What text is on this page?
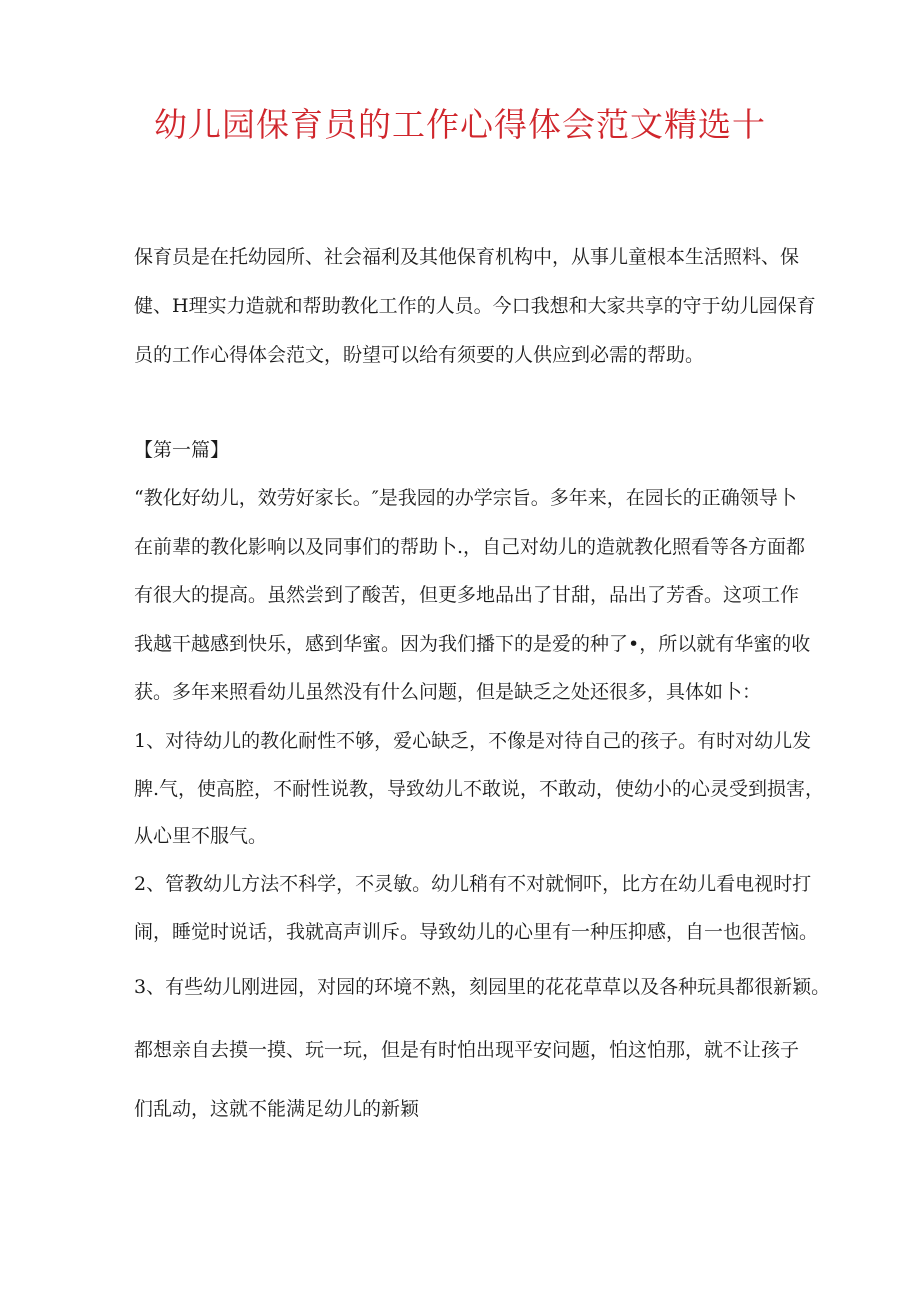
幼儿园保育员的工作心得体会范文精选十

保育员是在托幼园所、社会福利及其他保育机构中，从事儿童根本生活照料、保

健、H理实力造就和帮助教化工作的人员。今口我想和大家共享的守于幼儿园保育

员的工作心得体会范文，盼望可以给有须要的人供应到必需的帮助。

【第一篇】

“教化好幼儿，效劳好家长。″是我园的办学宗旨。多年来，在园长的正确领导卜

在前辈的教化影响以及同事们的帮助卜.，自己对幼儿的造就教化照看等各方面都

有很大的提高。虽然尝到了酸苦，但更多地品出了甘甜，品出了芳香。这项工作

我越干越感到快乐，感到华蜜。因为我们播下的是爱的种了•，所以就有华蜜的收

获。多年来照看幼儿虽然没有什么问题，但是缺乏之处还很多，具体如卜：

1、对待幼儿的教化耐性不够，爱心缺乏，不像是对待自己的孩子。有时对幼儿发

脾.气，使高腔，不耐性说教，导致幼儿不敢说，不敢动，使幼小的心灵受到损害，

从心里不服气。

2、管教幼儿方法不科学，不灵敏。幼儿稍有不对就恫吓，比方在幼儿看电视时打

闹，睡觉时说话，我就高声训斥。导致幼儿的心里有一种压抑感，自一也很苦恼。

3、有些幼儿刚进园，对园的环境不熟，刻园里的花花草草以及各种玩具都很新颖。

都想亲自去摸一摸、玩一玩，但是有时怕出现平安问题，怕这怕那，就不让孩子

们乱动，这就不能满足幼儿的新颖
